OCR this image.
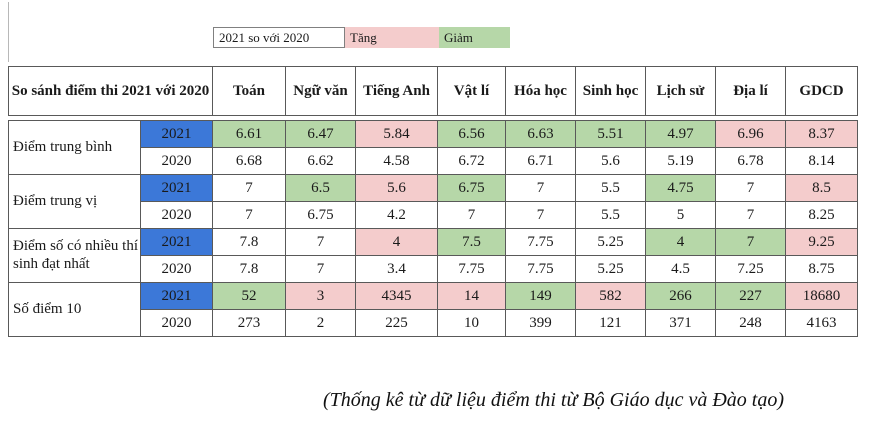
2021 so với 2020	Tăng	Giảm
So sánh điểm thi 2021 với 2020	Toán	Ngữ văn	Tiếng Anh	Vật lí	Hóa học	Sinh học	Lịch sử	Địa lí	GDCD
Điểm trung bình	2021	6.61	6.47	5.84	6.56	6.63	5.51	4.97	6.96	8.37
	2020	6.68	6.62	4.58	6.72	6.71	5.6	5.19	6.78	8.14
Điểm trung vị	2021	7	6.5	5.6	6.75	7	5.5	4.75	7	8.5
	2020	7	6.75	4.2	7	7	5.5	5	7	8.25
Điểm số có nhiều thí sinh đạt nhất	2021	7.8	7	4	7.5	7.75	5.25	4	7	9.25
	2020	7.8	7	3.4	7.75	7.75	5.25	4.5	7.25	8.75
Số điểm 10	2021	52	3	4345	14	149	582	266	227	18680
	2020	273	2	225	10	399	121	371	248	4163
(Thống kê từ dữ liệu điểm thi từ Bộ Giáo dục và Đào tạo)
